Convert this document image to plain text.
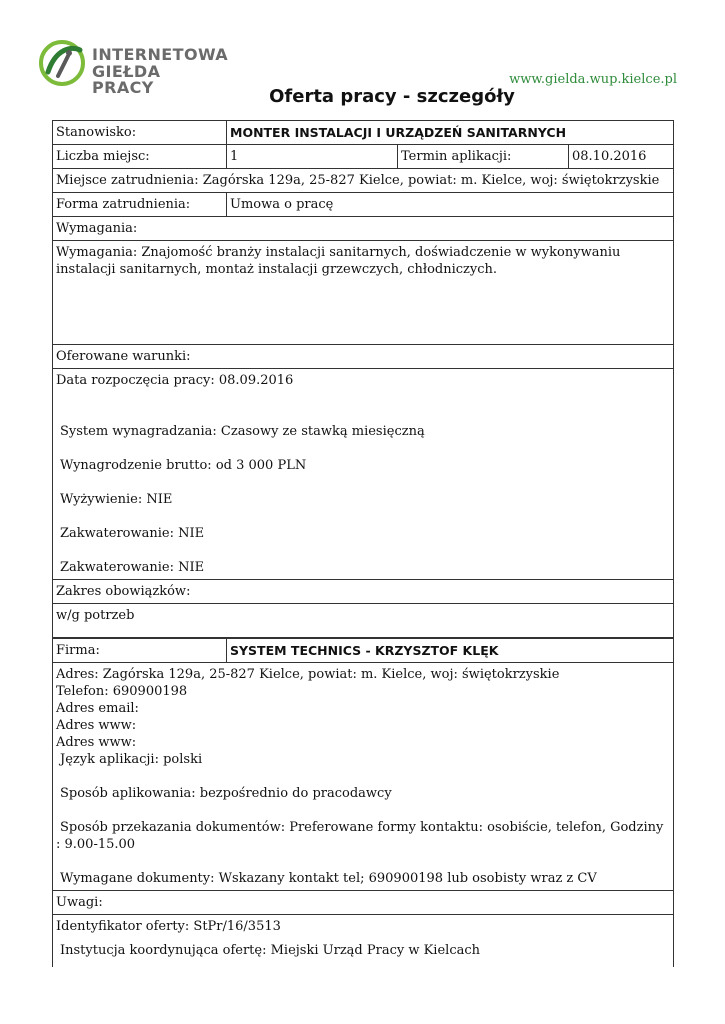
INTERNETOWA
GIEŁDA PRACY	www.gielda.wup.kielce.pl
Oferta pracy - szczegóły
Stanowisko:	MONTER INSTALACJI I URZĄDZEŃ SANITARNYCH
Liczba miejsc:	1	Termin aplikacji:	08.10.2016
Miejsce zatrudnienia: Zagórska 129a, 25-827 Kielce, powiat: m. Kielce, woj: świętokrzyskie
Forma zatrudnienia:	Umowa o pracę
Wymagania:
Wymagania: Znajomość branży instalacji sanitarnych, doświadczenie w wykonywaniu instalacji sanitarnych, montaż instalacji grzewczych, chłodniczych.
Oferowane warunki:

Data rozpoczęcia pracy: 08.09.2016

System wynagradzania: Czasowy ze stawką miesięczną

Wynagrodzenie brutto: od 3 000 PLN

Wyżywienie: NIE

Zakwaterowanie: NIE

Zakwaterowanie: NIE

Zakres obowiązków:
w/g potrzeb
Firma:	SYSTEM TECHNICS - KRZYSZTOF KLĘK

Adres: Zagórska 129a, 25-827 Kielce, powiat: m. Kielce, woj: świętokrzyskie

Telefon: 690900198

Adres email:

Adres www:

Adres www:

Język aplikacji: polski

Sposób aplikowania: bezpośrednio do pracodawcy

Sposób przekazania dokumentów: Preferowane formy kontaktu: osobiście, telefon, Godziny : 9.00-15.00

Wymagane dokumenty: Wskazany kontakt tel; 690900198 lub osobisty wraz z CV

Uwagi:

Identyfikator oferty: StPr/16/3513

Instytucja koordynująca ofertę: Miejski Urząd Pracy w Kielcach
